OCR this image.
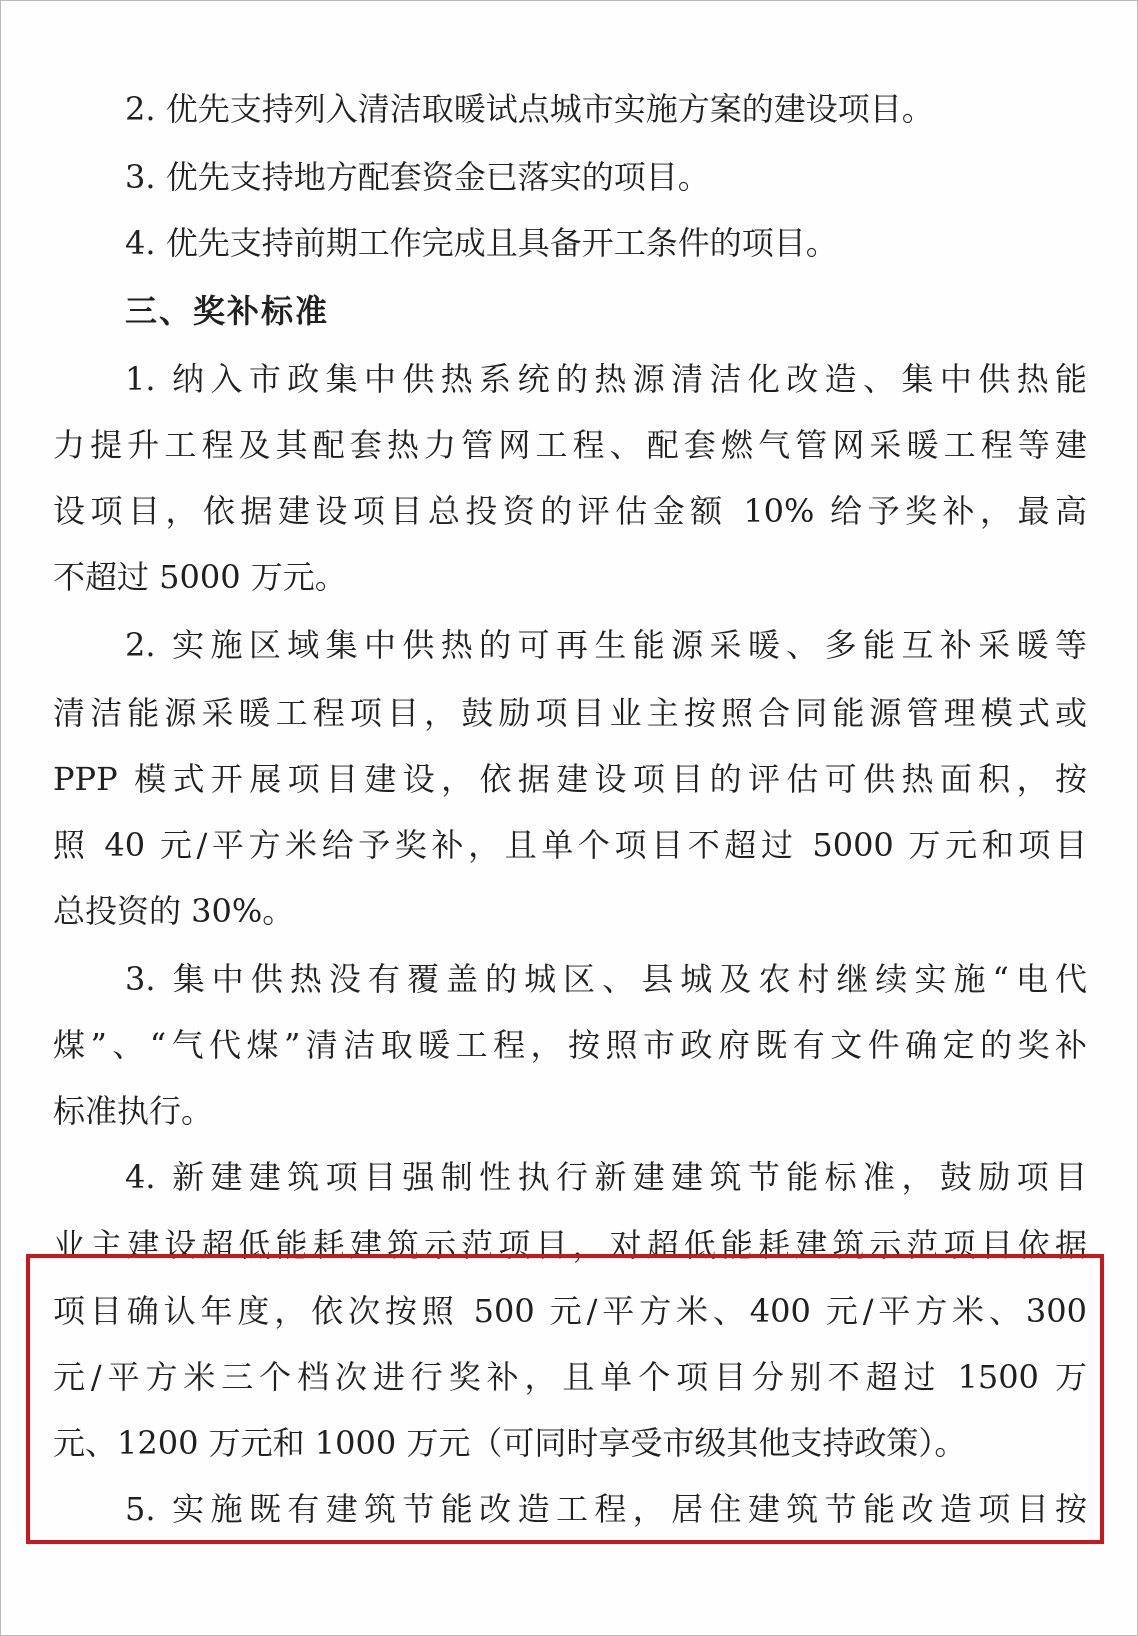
2. 优先支持列入清洁取暖试点城市实施方案的建设项目。
3. 优先支持地方配套资金已落实的项目。
4. 优先支持前期工作完成且具备开工条件的项目。
三、奖补标准
1. 纳入市政集中供热系统的热源清洁化改造、集中供热能
力提升工程及其配套热力管网工程、配套燃气管网采暖工程等建
设项目，依据建设项目总投资的评估金额 10% 给予奖补，最高
不超过 5000 万元。
2. 实施区域集中供热的可再生能源采暖、多能互补采暖等
清洁能源采暖工程项目，鼓励项目业主按照合同能源管理模式或
PPP 模式开展项目建设，依据建设项目的评估可供热面积，按
照 40 元/平方米给予奖补，且单个项目不超过 5000 万元和项目
总投资的 30%。
3. 集中供热没有覆盖的城区、县城及农村继续实施“电代
煤”、“气代煤”清洁取暖工程，按照市政府既有文件确定的奖补
标准执行。
4. 新建建筑项目强制性执行新建建筑节能标准，鼓励项目
业主建设超低能耗建筑示范项目，对超低能耗建筑示范项目依据
项目确认年度，依次按照 500 元/平方米、400 元/平方米、300
元/平方米三个档次进行奖补，且单个项目分别不超过 1500 万
元、1200 万元和 1000 万元（可同时享受市级其他支持政策）。
5. 实施既有建筑节能改造工程，居住建筑节能改造项目按
